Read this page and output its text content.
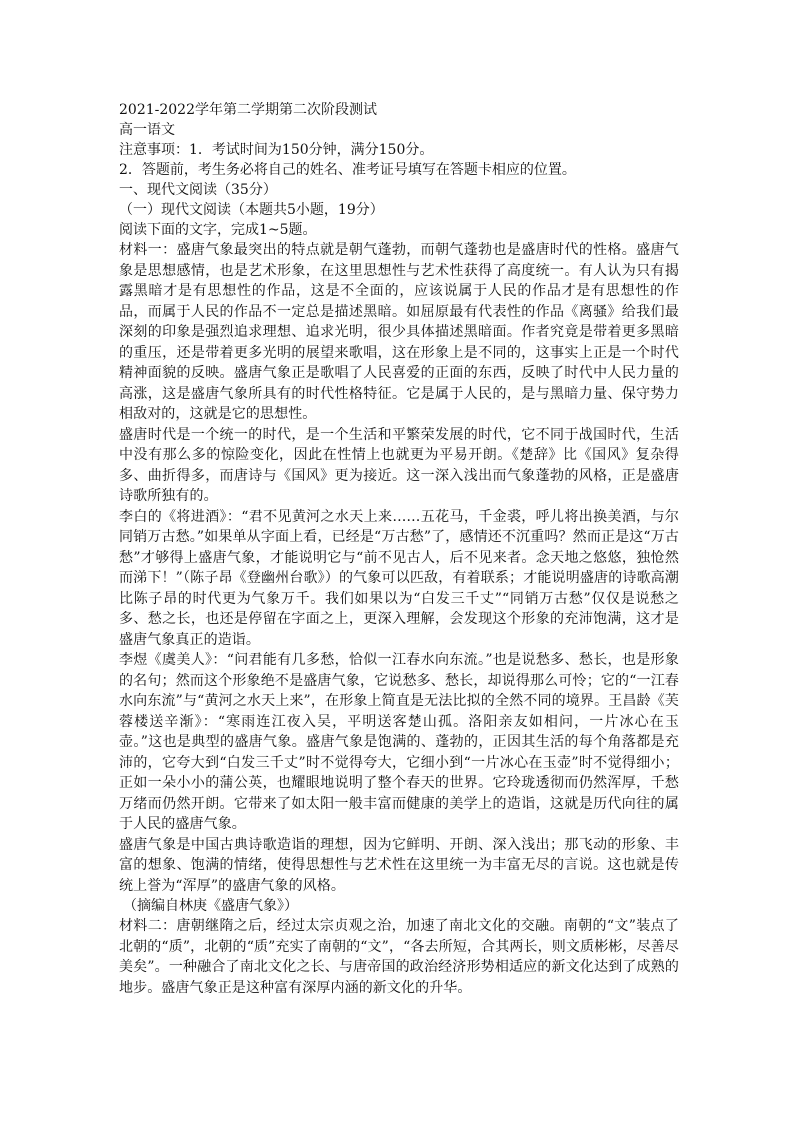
2021-2022学年第二学期第二次阶段测试

高一语文

注意事项：1．考试时间为150分钟，满分150分。

2．答题前，考生务必将自己的姓名、准考证号填写在答题卡相应的位置。

一、现代文阅读（35分）

（一）现代文阅读（本题共5小题，19分）

阅读下面的文字，完成1~5题。

材料一：盛唐气象最突出的特点就是朝气蓬勃，而朝气蓬勃也是盛唐时代的性格。盛唐气象是思想感情，也是艺术形象，在这里思想性与艺术性获得了高度统一。有人认为只有揭露黑暗才是有思想性的作品，这是不全面的，应该说属于人民的作品才是有思想性的作品，而属于人民的作品不一定总是描述黑暗。如屈原最有代表性的作品《离骚》给我们最深刻的印象是强烈追求理想、追求光明，很少具体描述黑暗面。作者究竟是带着更多黑暗的重压，还是带着更多光明的展望来歌唱，这在形象上是不同的，这事实上正是一个时代精神面貌的反映。盛唐气象正是歌唱了人民喜爱的正面的东西，反映了时代中人民力量的高涨，这是盛唐气象所具有的时代性格特征。它是属于人民的，是与黑暗力量、保守势力相敌对的，这就是它的思想性。

盛唐时代是一个统一的时代，是一个生活和平繁荣发展的时代，它不同于战国时代，生活中没有那么多的惊险变化，因此在性情上也就更为平易开朗。《楚辞》比《国风》复杂得多、曲折得多，而唐诗与《国风》更为接近。这一深入浅出而气象蓬勃的风格，正是盛唐诗歌所独有的。

李白的《将进酒》：“君不见黄河之水天上来……五花马，千金裘，呼儿将出换美酒，与尔同销万古愁。”如果单从字面上看，已经是“万古愁”了，感情还不沉重吗？然而正是这“万古愁”才够得上盛唐气象，才能说明它与“前不见古人，后不见来者。念天地之悠悠，独怆然而涕下！”（陈子昂《登幽州台歌》）的气象可以匹敌，有着联系；才能说明盛唐的诗歌高潮比陈子昂的时代更为气象万千。我们如果以为“白发三千丈”“同销万古愁”仅仅是说愁之多、愁之长，也还是停留在字面之上，更深入理解，会发现这个形象的充沛饱满，这才是盛唐气象真正的造诣。

李煜《虞美人》：“问君能有几多愁，恰似一江春水向东流。”也是说愁多、愁长，也是形象的名句；然而这个形象绝不是盛唐气象，它说愁多、愁长，却说得那么可怜；它的“一江春水向东流”与“黄河之水天上来”，在形象上简直是无法比拟的全然不同的境界。王昌龄《芙蓉楼送辛渐》：“寒雨连江夜入吴，平明送客楚山孤。洛阳亲友如相问，一片冰心在玉壶。”这也是典型的盛唐气象。盛唐气象是饱满的、蓬勃的，正因其生活的每个角落都是充沛的，它夸大到“白发三千丈”时不觉得夸大，它细小到“一片冰心在玉壶”时不觉得细小；正如一朵小小的蒲公英，也耀眼地说明了整个春天的世界。它玲珑透彻而仍然浑厚，千愁万绪而仍然开朗。它带来了如太阳一般丰富而健康的美学上的造诣，这就是历代向往的属于人民的盛唐气象。

盛唐气象是中国古典诗歌造诣的理想，因为它鲜明、开朗、深入浅出；那飞动的形象、丰富的想象、饱满的情绪，使得思想性与艺术性在这里统一为丰富无尽的言说。这也就是传统上誉为“浑厚”的盛唐气象的风格。

（摘编自林庚《盛唐气象》）

材料二：唐朝继隋之后，经过太宗贞观之治，加速了南北文化的交融。南朝的“文”装点了北朝的“质”，北朝的“质”充实了南朝的“文”，“各去所短，合其两长，则文质彬彬，尽善尽美矣”。一种融合了南北文化之长、与唐帝国的政治经济形势相适应的新文化达到了成熟的地步。盛唐气象正是这种富有深厚内涵的新文化的升华。
